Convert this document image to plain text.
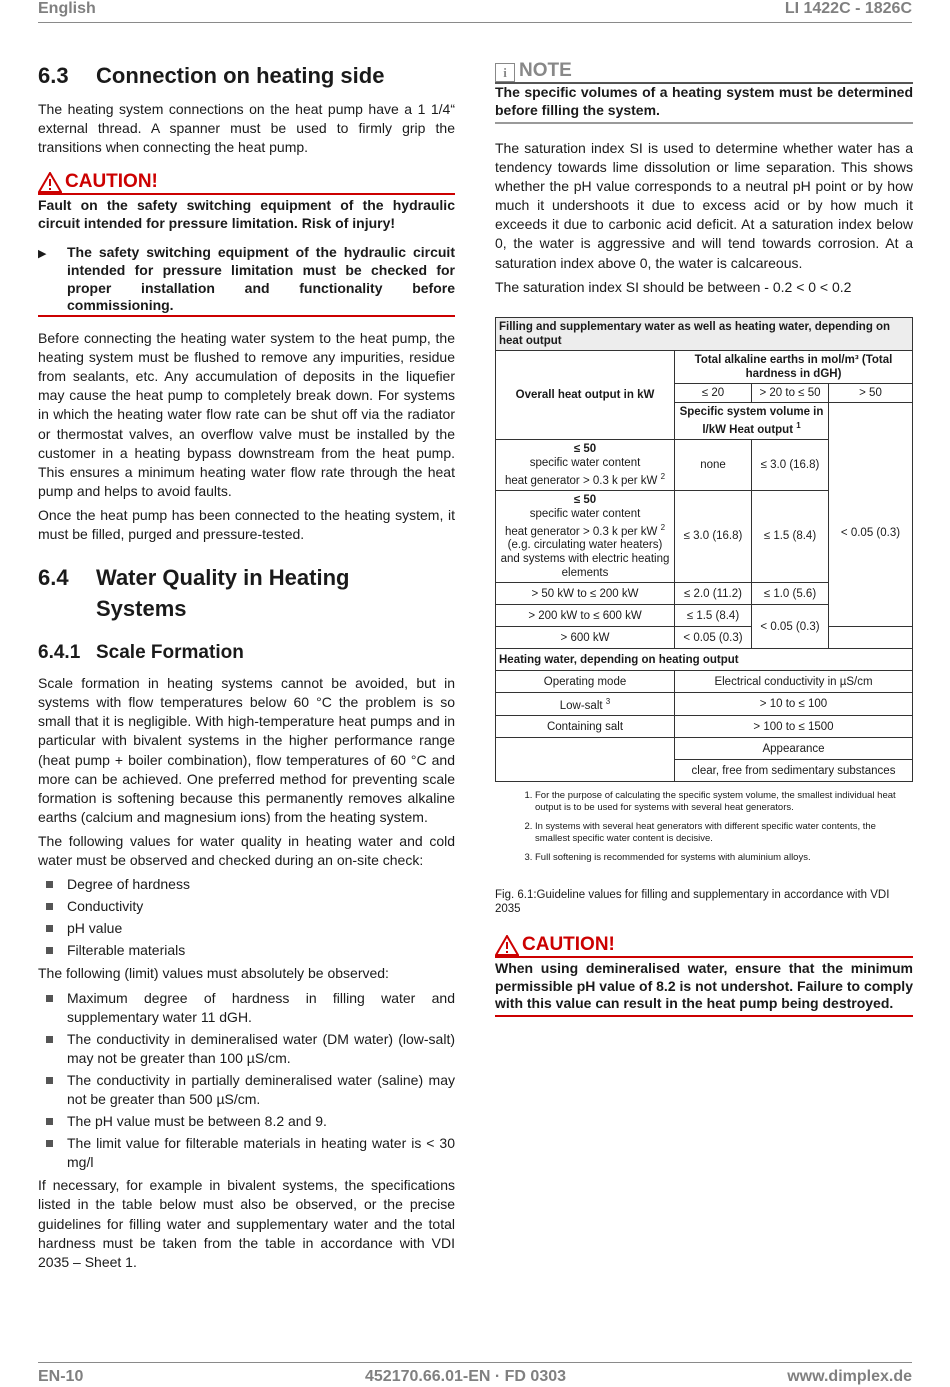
English	LI 1422C - 1826C
6.3 Connection on heating side

The heating system connections on the heat pump have a 1 1/4“ external thread. A spanner must be used to firmly grip the transitions when connecting the heat pump.

CAUTION!

Fault on the safety switching equipment of the hydraulic circuit intended for pressure limitation. Risk of injury!

▶	The safety switching equipment of the hydraulic circuit intended for pressure limitation must be checked for proper installation and functionality before commissioning.

Before connecting the heating water system to the heat pump, the heating system must be flushed to remove any impurities, residue from sealants, etc. Any accumulation of deposits in the liquefier may cause the heat pump to completely break down. For systems in which the heating water flow rate can be shut off via the radiator or thermostat valves, an overflow valve must be installed by the customer in a heating bypass downstream from the heat pump. This ensures a minimum heating water flow rate through the heat pump and helps to avoid faults.

Once the heat pump has been connected to the heating system, it must be filled, purged and pressure-tested.

6.4	Water Quality in Heating Systems
6.4.1 Scale Formation

Scale formation in heating systems cannot be avoided, but in systems with flow temperatures below 60 °C the problem is so small that it is negligible. With high-temperature heat pumps and in particular with bivalent systems in the higher performance range (heat pump + boiler combination), flow temperatures of 60 °C and more can be achieved. One preferred method for preventing scale formation is softening because this permanently removes alkaline earths (calcium and magnesium ions) from the heating system.

The following values for water quality in heating water and cold water must be observed and checked during an on-site check:

Degree of hardness
Conductivity
pH value
Filterable materials

The following (limit) values must absolutely be observed:

Maximum degree of hardness in filling water and supplementary water 11 dGH.
The conductivity in demineralised water (DM water) (low-salt) may not be greater than 100 µS/cm.
The conductivity in partially demineralised water (saline) may not be greater than 500 µS/cm.
The pH value must be between 8.2 and 9.
The limit value for filterable materials in heating water is < 30 mg/l

If necessary, for example in bivalent systems, the specifications listed in the table below must also be observed, or the precise guidelines for filling water and supplementary water and the total hardness must be taken from the table in accordance with VDI 2035 – Sheet 1.

i NOTE

The specific volumes of a heating system must be determined before filling the system.

The saturation index SI is used to determine whether water has a tendency towards lime dissolution or lime separation. This shows whether the pH value corresponds to a neutral pH point or by how much it undershoots it due to excess acid or by how much it exceeds it due to carbonic acid deficit. At a saturation index below 0, the water is aggressive and will tend towards corrosion. At a saturation index above 0, the water is calcareous.

The saturation index SI should be between - 0.2 < 0 < 0.2

Filling and supplementary water as well as heating water, depending on heat output			
Overall heat output in kW	Total alkaline earths in mol/m³ (Total hardness in dGH)		
	≤ 20	> 20 to ≤ 50	> 50
	Specific system volume in l/kW Heat output $^1$	

≤ 50
specific water content
heat generator > 0.3 k per kW $^2$	none	≤ 3.0 (16.8)	< 0.05 (0.3)

≤ 50
specific water content
heat generator > 0.3 k per kW $^2$
(e.g. circulating water heaters) and systems with electric heating elements	≤ 3.0 (16.8)	≤ 1.5 (8.4)	
> 50 kW to ≤ 200 kW	≤ 2.0 (11.2)	≤ 1.0 (5.6)	
> 200 kW to ≤ 600 kW	≤ 1.5 (8.4)	< 0.05 (0.3)	
> 600 kW	< 0.05 (0.3)		
Heating water, depending on heating output			
Operating mode	Electrical conductivity in µS/cm		
Low-salt $^3$	> 10 to ≤ 100		
Containing salt	> 100 to ≤ 1500		
	Appearance		
	clear, free from sedimentary substances		
1. For the purpose of calculating the specific system volume, the smallest individual heat output is to be used for systems with several heat generators.
2. In systems with several heat generators with different specific water contents, the smallest specific water content is decisive.
3. Full softening is recommended for systems with aluminium alloys.
Fig. 6.1:Guideline values for filling and supplementary in accordance with VDI 2035
CAUTION!

When using demineralised water, ensure that the minimum permissible pH value of 8.2 is not undershot. Failure to comply with this value can result in the heat pump being destroyed.

EN-10	452170.66.01-EN · FD 0303	www.dimplex.de
